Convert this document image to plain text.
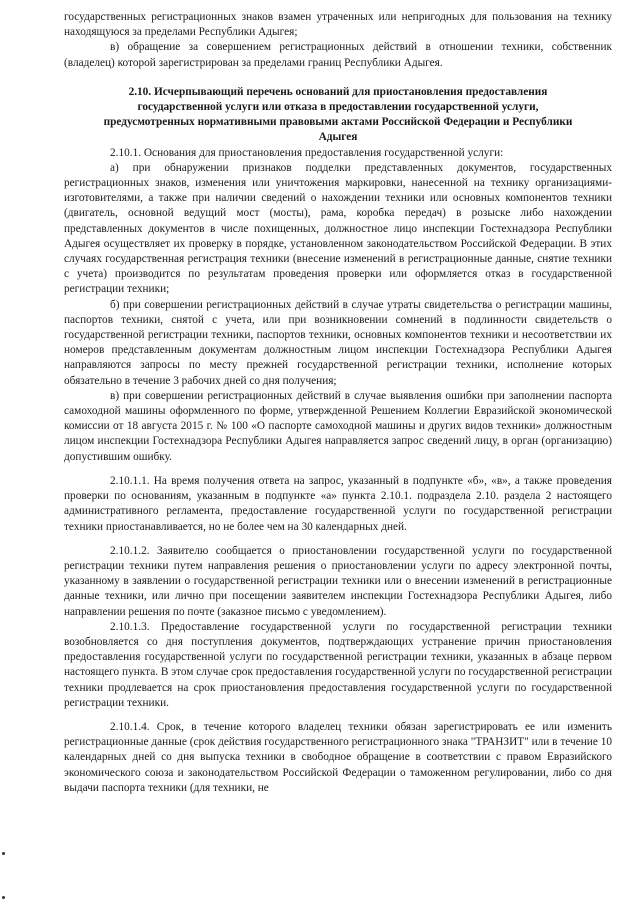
государственных регистрационных знаков взамен утраченных или непригодных для пользования на технику находящуюся за пределами Республики Адыгея;

в) обращение за совершением регистрационных действий в отношении техники, собственник (владелец) которой зарегистрирован за пределами границ Республики Адыгея.

2.10. Исчерпывающий перечень оснований для приостановления предоставления
государственной услуги или отказа в предоставлении государственной услуги,
предусмотренных нормативными правовыми актами Российской Федерации и Республики
Адыгея

2.10.1. Основания для приостановления предоставления государственной услуги:

а) при обнаружении признаков подделки представленных документов, государственных регистрационных знаков, изменения или уничтожения маркировки, нанесенной на технику организациями-изготовителями, а также при наличии сведений о нахождении техники или основных компонентов техники (двигатель, основной ведущий мост (мосты), рама, коробка передач) в розыске либо нахождении представленных документов в числе похищенных, должностное лицо инспекции Гостехнадзора Республики Адыгея осуществляет их проверку в порядке, установленном законодательством Российской Федерации. В этих случаях государственная регистрация техники (внесение изменений в регистрационные данные, снятие техники с учета) производится по результатам проведения проверки или оформляется отказ в государственной регистрации техники;

б) при совершении регистрационных действий в случае утраты свидетельства о регистрации машины, паспортов техники, снятой с учета, или при возникновении сомнений в подлинности свидетельств о государственной регистрации техники, паспортов техники, основных компонентов техники и несоответствии их номеров представленным документам должностным лицом инспекции Гостехнадзора Республики Адыгея направляются запросы по месту прежней государственной регистрации техники, исполнение которых обязательно в течение 3 рабочих дней со дня получения;

в) при совершении регистрационных действий в случае выявления ошибки при заполнении паспорта самоходной машины оформленного по форме, утвержденной Решением Коллегии Евразийской экономической комиссии от 18 августа 2015 г. № 100 «О паспорте самоходной машины и других видов техники» должностным лицом инспекции Гостехнадзора Республики Адыгея направляется запрос сведений лицу, в орган (организацию) допустившим ошибку.

2.10.1.1. На время получения ответа на запрос, указанный в подпункте «б», «в», а также проведения проверки по основаниям, указанным в подпункте «а» пункта 2.10.1. подраздела 2.10. раздела 2 настоящего административного регламента, предоставление государственной услуги по государственной регистрации техники приостанавливается, но не более чем на 30 календарных дней.

2.10.1.2. Заявителю сообщается о приостановлении государственной услуги по государственной регистрации техники путем направления решения о приостановлении услуги по адресу электронной почты, указанному в заявлении о государственной регистрации техники или о внесении изменений в регистрационные данные техники, или лично при посещении заявителем инспекции Гостехнадзора Республики Адыгея, либо направлении решения по почте (заказное письмо с уведомлением).

2.10.1.3. Предоставление государственной услуги по государственной регистрации техники возобновляется со дня поступления документов, подтверждающих устранение причин приостановления предоставления государственной услуги по государственной регистрации техники, указанных в абзаце первом настоящего пункта. В этом случае срок предоставления государственной услуги по государственной регистрации техники продлевается на срок приостановления предоставления государственной услуги по государственной регистрации техники.

2.10.1.4. Срок, в течение которого владелец техники обязан зарегистрировать ее или изменить регистрационные данные (срок действия государственного регистрационного знака "ТРАНЗИТ" или в течение 10 календарных дней со дня выпуска техники в свободное обращение в соответствии с правом Евразийского экономического союза и законодательством Российской Федерации о таможенном регулировании, либо со дня выдачи паспорта техники (для техники, не
